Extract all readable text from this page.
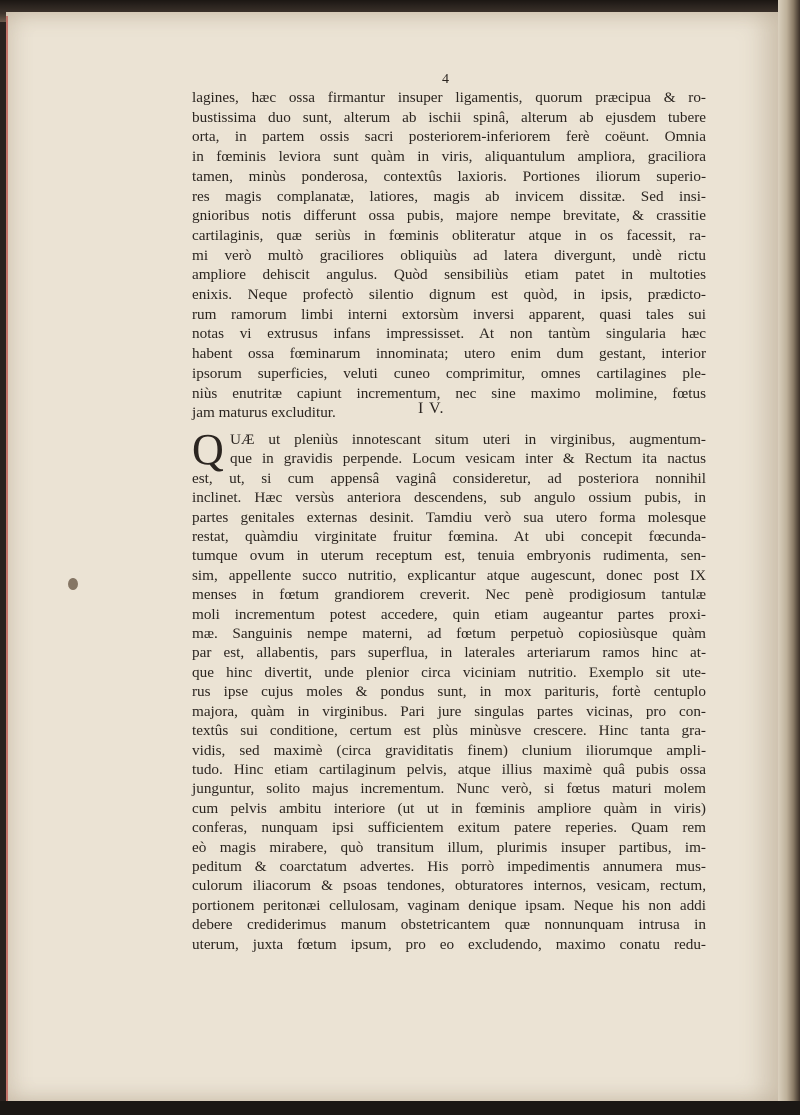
4
lagines, hæc ossa firmantur insuper ligamentis, quorum præcipua & ro-
bustissima duo sunt, alterum ab ischii spinâ, alterum ab ejusdem tubere
orta, in partem ossis sacri posteriorem-inferiorem ferè coëunt. Omnia
in fœminis leviora sunt quàm in viris, aliquantulum ampliora, graciliora
tamen, minùs ponderosa, contextûs laxioris. Portiones iliorum superio-
res magis complanatæ, latiores, magis ab invicem dissitæ. Sed insi-
gnioribus notis differunt ossa pubis, majore nempe brevitate, & crassitie
cartilaginis, quæ seriùs in fœminis obliteratur atque in os facessit, ra-
mi verò multò graciliores obliquiùs ad latera divergunt, undè rictu
ampliore dehiscit angulus. Quòd sensibiliùs etiam patet in multoties
enixis. Neque profectò silentio dignum est quòd, in ipsis, prædicto-
rum ramorum limbi interni extorsùm inversi apparent, quasi tales sui
notas vi extrusus infans impressisset. At non tantùm singularia hæc
habent ossa fœminarum innominata; utero enim dum gestant, interior
ipsorum superficies, veluti cuneo comprimitur, omnes cartilagines ple-
niùs enutritæ capiunt incrementum, nec sine maximo molimine, fœtus
jam maturus excluditur.	I V.
Q UÆ ut pleniùs innotescant situm uteri in virginibus, augmentum-
que in gravidis perpende. Locum vesicam inter & Rectum ita nactus
est, ut, si cum appensâ vaginâ consideretur, ad posteriora nonnihil
inclinet. Hæc versùs anteriora descendens, sub angulo ossium pubis, in
partes genitales externas desinit. Tamdiu verò sua utero forma molesque
restat, quàmdiu virginitate fruitur fœmina. At ubi concepit fœcunda-
tumque ovum in uterum receptum est, tenuia embryonis rudimenta, sen-
sim, appellente succo nutritio, explicantur atque augescunt, donec post IX
menses in fœtum grandiorem creverit. Nec penè prodigiosum tantulæ
moli incrementum potest accedere, quin etiam augeantur partes proxi-
mæ. Sanguinis nempe materni, ad fœtum perpetuò copiosiùsque quàm
par est, allabentis, pars superflua, in laterales arteriarum ramos hinc at-
que hinc divertit, unde plenior circa viciniam nutritio. Exemplo sit ute-
rus ipse cujus moles & pondus sunt, in mox parituris, fortè centuplo
majora, quàm in virginibus. Pari jure singulas partes vicinas, pro con-
textûs sui conditione, certum est plùs minùsve crescere. Hinc tanta gra-
vidis, sed maximè (circa graviditatis finem) clunium iliorumque ampli-
tudo. Hinc etiam cartilaginum pelvis, atque illius maximè quâ pubis ossa
junguntur, solito majus incrementum. Nunc verò, si fœtus maturi molem
cum pelvis ambitu interiore (ut ut in fœminis ampliore quàm in viris)
conferas, nunquam ipsi sufficientem exitum patere reperies. Quam rem
eò magis mirabere, quò transitum illum, plurimis insuper partibus, im-
peditum & coarctatum advertes. His porrò impedimentis annumera mus-
culorum iliacorum & psoas tendones, obturatores internos, vesicam, rectum,
portionem peritonæi cellulosam, vaginam denique ipsam. Neque his non addi
debere crediderimus manum obstetricantem quæ nonnunquam intrusa in
uterum, juxta fœtum ipsum, pro eo excludendo, maximo conatu redu-
